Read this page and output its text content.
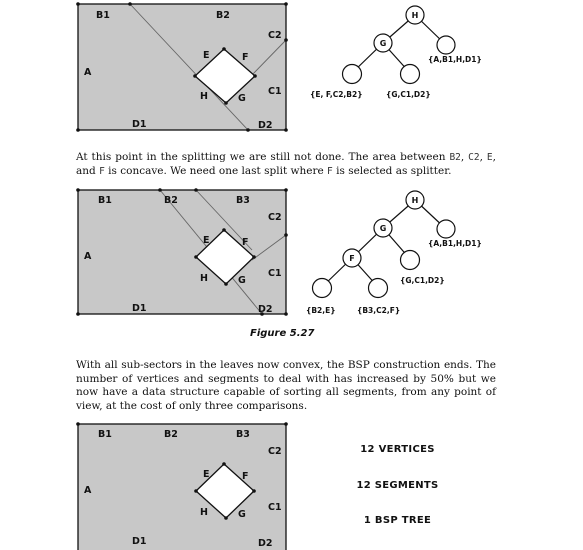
B1	B2
C2
A
E	F
H	G
C1
D1	D2
H
G
{A,B1,H,D1}
{E, F,C2,B2}	{G,C1,D2}
B1	B2	B3
C2
A
E	F
H	G
C1
D1	D2
H
G
F
{A,B1,H,D1}
{G,C1,D2}
{B2,E}	{B3,C2,F}
B1	B2	B3
C2
A
E	F
H	G
C1
D1	D2

At this point in the splitting we are still not done. The area between B2, C2, E, and F is concave. We need one last split where F is selected as splitter.

Figure 5.27

With all sub-sectors in the leaves now convex, the BSP construction ends. The number of vertices and segments to deal with has increased by 50% but we now have a data structure capable of sorting all segments, from any point of view, at the cost of only three comparisons.

12 VERTICES
12 SEGMENTS
1 BSP TREE
